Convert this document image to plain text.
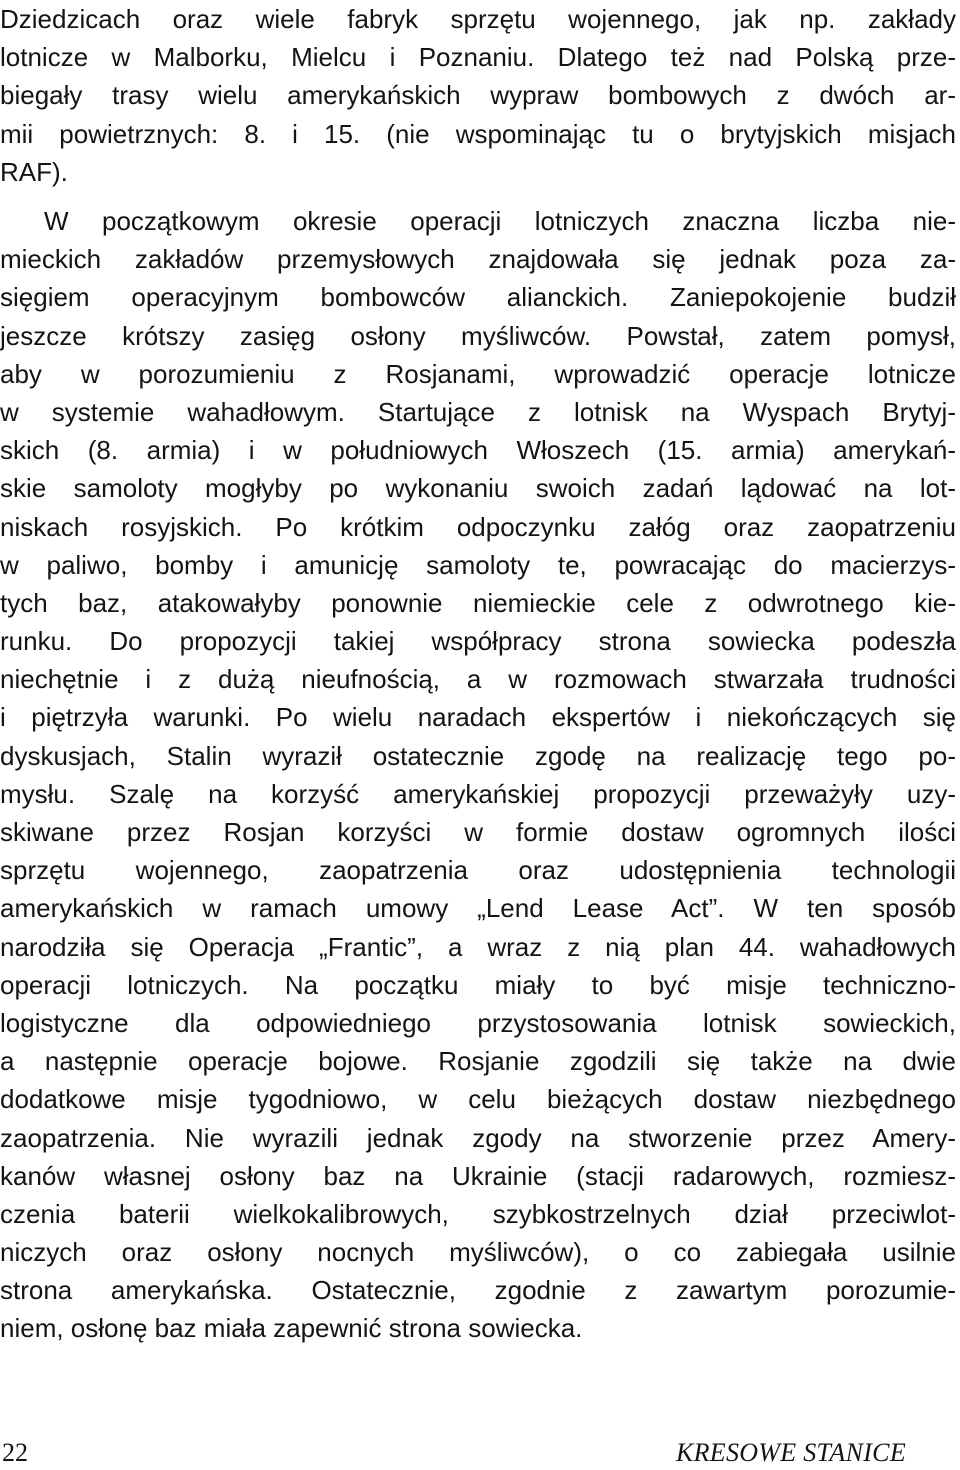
Dziedzicach oraz wiele fabryk sprzętu wojennego, jak np. zakłady
lotnicze w Malborku, Mielcu i Poznaniu. Dlatego też nad Polską prze-
biegały trasy wielu amerykańskich wypraw bombowych z dwóch ar-
mii powietrznych: 8. i 15. (nie wspominając tu o brytyjskich misjach
RAF).
W początkowym okresie operacji lotniczych znaczna liczba nie-
mieckich zakładów przemysłowych znajdowała się jednak poza za-
sięgiem operacyjnym bombowców alianckich. Zaniepokojenie budził
jeszcze krótszy zasięg osłony myśliwców. Powstał, zatem pomysł,
aby w porozumieniu z Rosjanami, wprowadzić operacje lotnicze
w systemie wahadłowym. Startujące z lotnisk na Wyspach Brytyj-
skich (8. armia) i w południowych Włoszech (15. armia) amerykań-
skie samoloty mogłyby po wykonaniu swoich zadań lądować na lot-
niskach rosyjskich. Po krótkim odpoczynku załóg oraz zaopatrzeniu
w paliwo, bomby i amunicję samoloty te, powracając do macierzys-
tych baz, atakowałyby ponownie niemieckie cele z odwrotnego kie-
runku. Do propozycji takiej współpracy strona sowiecka podeszła
niechętnie i z dużą nieufnością, a w rozmowach stwarzała trudności
i piętrzyła warunki. Po wielu naradach ekspertów i niekończących się
dyskusjach, Stalin wyraził ostatecznie zgodę na realizację tego po-
mysłu. Szalę na korzyść amerykańskiej propozycji przeważyły uzy-
skiwane przez Rosjan korzyści w formie dostaw ogromnych ilości
sprzętu wojennego, zaopatrzenia oraz udostępnienia technologii
amerykańskich w ramach umowy „Lend Lease Act”. W ten sposób
narodziła się Operacja „Frantic”, a wraz z nią plan 44. wahadłowych
operacji lotniczych. Na początku miały to być misje techniczno-
logistyczne dla odpowiedniego przystosowania lotnisk sowieckich,
a następnie operacje bojowe. Rosjanie zgodzili się także na dwie
dodatkowe misje tygodniowo, w celu bieżących dostaw niezbędnego
zaopatrzenia. Nie wyrazili jednak zgody na stworzenie przez Amery-
kanów własnej osłony baz na Ukrainie (stacji radarowych, rozmiesz-
czenia baterii wielkokalibrowych, szybkostrzelnych dział przeciwlot-
niczych oraz osłony nocnych myśliwców), o co zabiegała usilnie
strona amerykańska. Ostatecznie, zgodnie z zawartym porozumie-
niem, osłonę baz miała zapewnić strona sowiecka.
22	KRESOWE STANICE
